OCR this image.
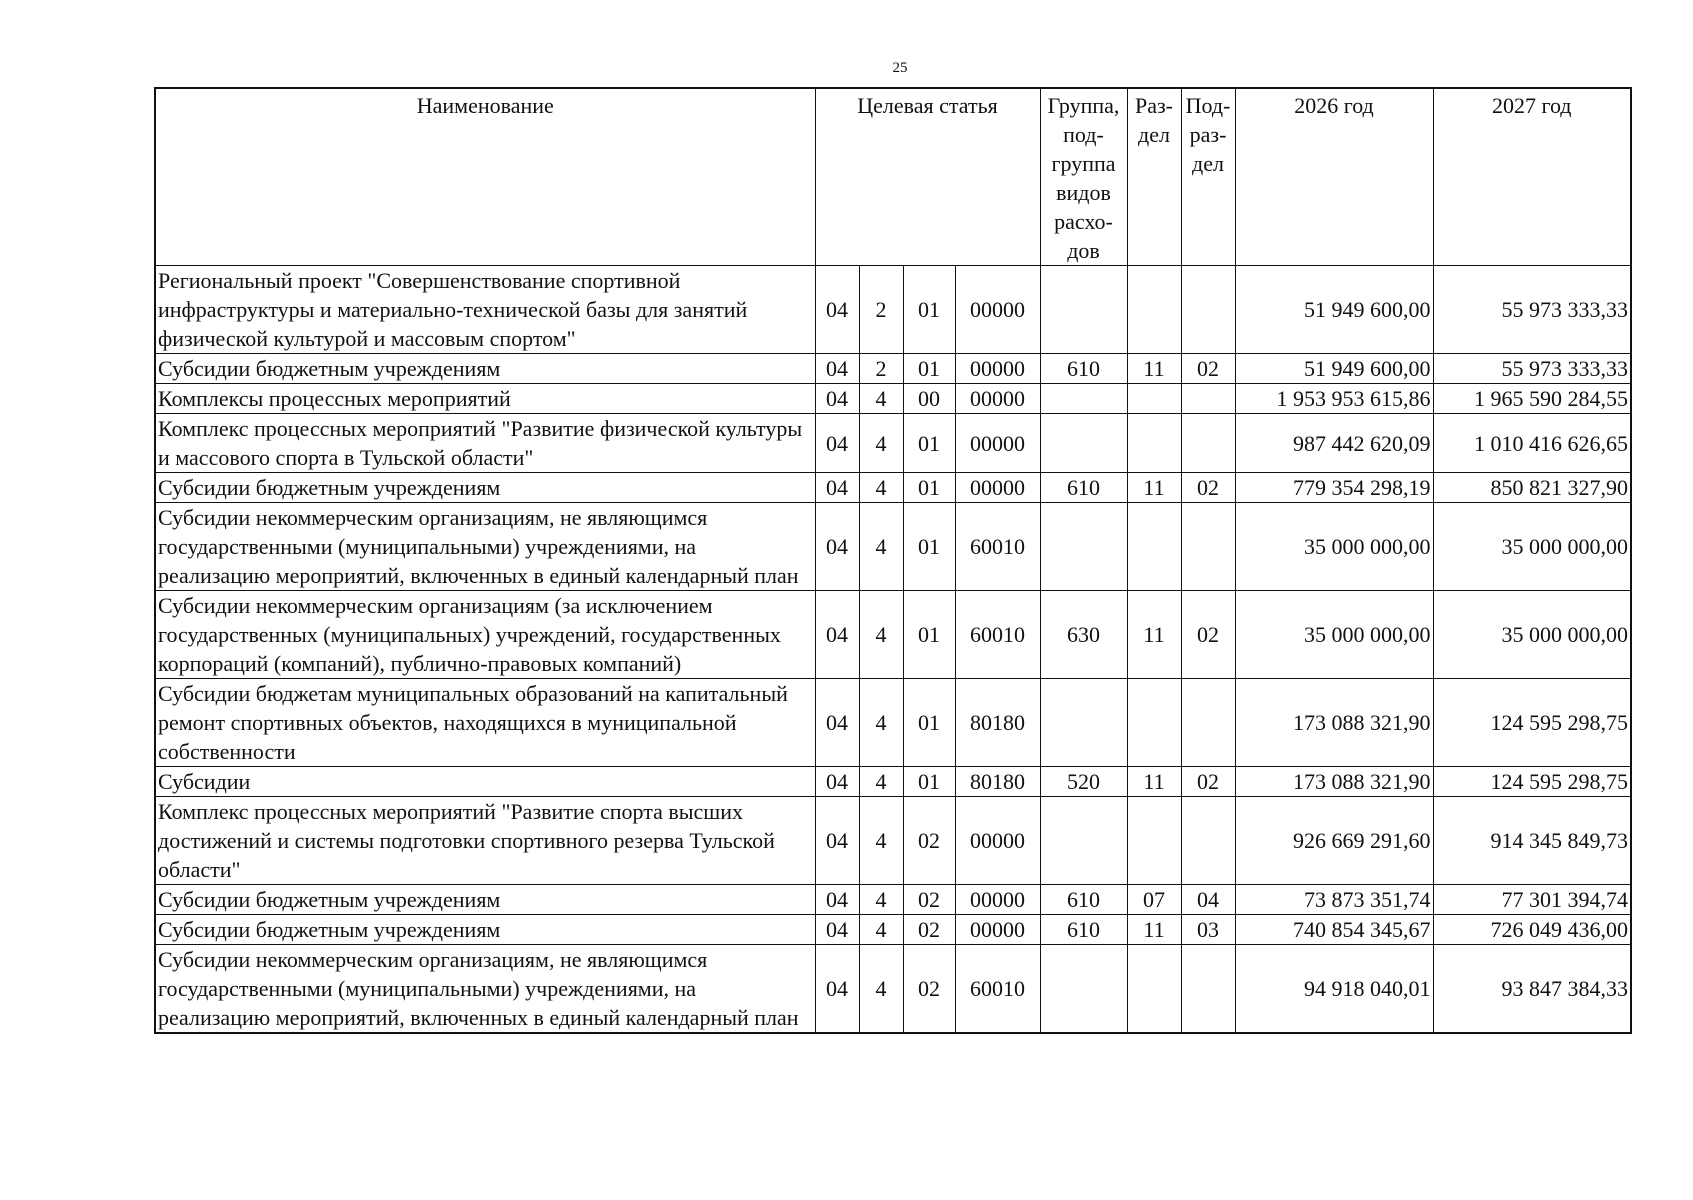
25
Наименование	Целевая статья				Группа, под-группа видов расхо-дов	Раз-дел	Под-раз-дел	2026 год	2027 год
Региональный проект "Совершенствование спортивной инфраструктуры и материально-технической базы для занятий физической культурой и массовым спортом"	04	2	01	00000				51 949 600,00	55 973 333,33
Субсидии бюджетным учреждениям	04	2	01	00000	610	11	02	51 949 600,00	55 973 333,33
Комплексы процессных мероприятий	04	4	00	00000				1 953 953 615,86	1 965 590 284,55
Комплекс процессных мероприятий "Развитие физической культуры и массового спорта в Тульской области"	04	4	01	00000				987 442 620,09	1 010 416 626,65
Субсидии бюджетным учреждениям	04	4	01	00000	610	11	02	779 354 298,19	850 821 327,90
Субсидии некоммерческим организациям, не являющимся государственными (муниципальными) учреждениями, на реализацию мероприятий, включенных в единый календарный план	04	4	01	60010				35 000 000,00	35 000 000,00
Субсидии некоммерческим организациям (за исключением государственных (муниципальных) учреждений, государственных корпораций (компаний), публично-правовых компаний)	04	4	01	60010	630	11	02	35 000 000,00	35 000 000,00
Субсидии бюджетам муниципальных образований на капитальный ремонт спортивных объектов, находящихся в муниципальной собственности	04	4	01	80180				173 088 321,90	124 595 298,75
Субсидии	04	4	01	80180	520	11	02	173 088 321,90	124 595 298,75
Комплекс процессных мероприятий "Развитие спорта высших достижений и системы подготовки спортивного резерва Тульской области"	04	4	02	00000				926 669 291,60	914 345 849,73
Субсидии бюджетным учреждениям	04	4	02	00000	610	07	04	73 873 351,74	77 301 394,74
Субсидии бюджетным учреждениям	04	4	02	00000	610	11	03	740 854 345,67	726 049 436,00
Субсидии некоммерческим организациям, не являющимся государственными (муниципальными) учреждениями, на реализацию мероприятий, включенных в единый календарный план	04	4	02	60010				94 918 040,01	93 847 384,33
